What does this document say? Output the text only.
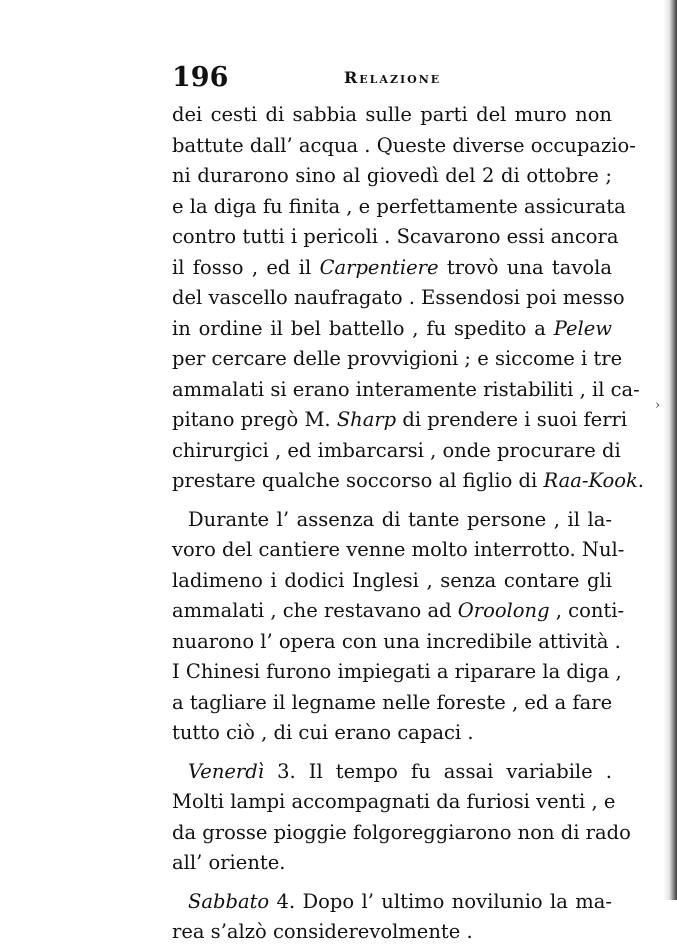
196	Relazione
dei cesti di sabbia sulle parti del muro non
battute dall’ acqua . Queste diverse occupazio-
ni durarono sino al giovedì del 2 di ottobre ;
e la diga fu finita , e perfettamente assicurata
contro tutti i pericoli . Scavarono essi ancora
il fosso , ed il Carpentiere trovò una tavola
del vascello naufragato . Essendosi poi messo
in ordine il bel battello , fu spedito a Pelew
per cercare delle provvigioni ; e siccome i tre
ammalati si erano interamente ristabiliti , il ca-
pitano pregò M. Sharp di prendere i suoi ferri
chirurgici , ed imbarcarsi , onde procurare di
prestare qualche soccorso al figlio di Raa-Kook.
Durante l’ assenza di tante persone , il la-
voro del cantiere venne molto interrotto. Nul-
ladimeno i dodici Inglesi , senza contare gli
ammalati , che restavano ad Oroolong , conti-
nuarono l’ opera con una incredibile attività .
I Chinesi furono impiegati a riparare la diga ,
a tagliare il legname nelle foreste , ed a fare
tutto ciò , di cui erano capaci .
Venerdì 3. Il tempo fu assai variabile .
Molti lampi accompagnati da furiosi venti , e
da grosse pioggie folgoreggiarono non di rado
all’ oriente.
Sabbato 4. Dopo l’ ultimo novilunio la ma-
rea s’alzò considerevolmente .
›
